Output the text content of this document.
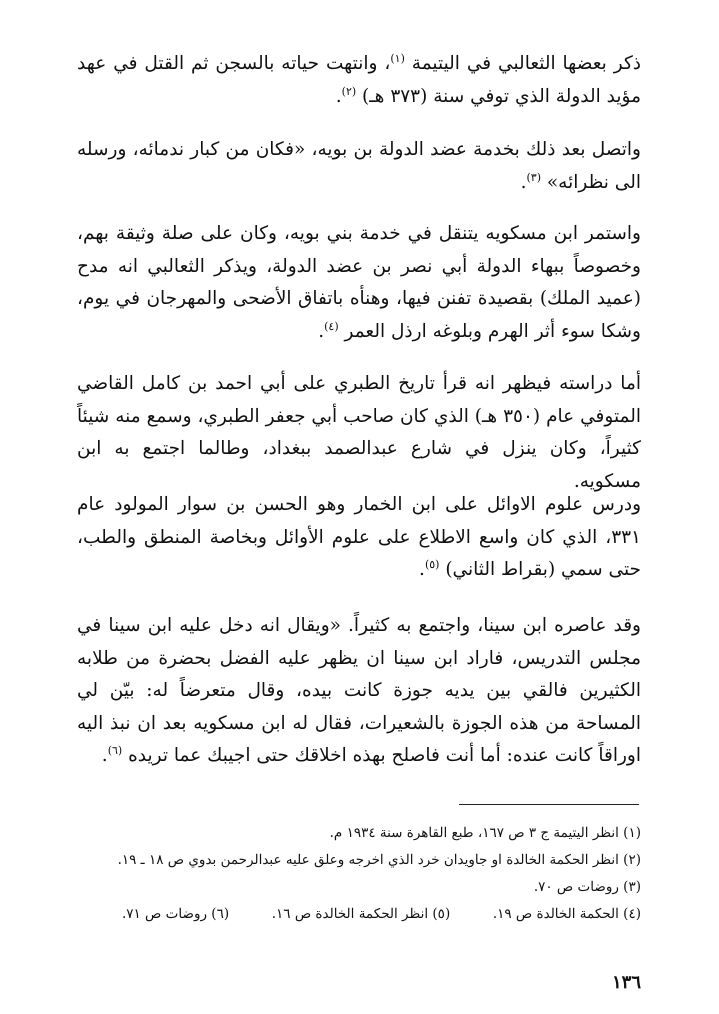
ذكر بعضها الثعالبي في اليتيمة $^{(١)}$، وانتهت حياته بالسجن ثم القتل في عهد مؤيد الدولة الذي توفي سنة (٣٧٣ هـ) $^{(٢)}$.

واتصل بعد ذلك بخدمة عضد الدولة بن بويه، «فكان من كبار ندمائه، ورسله الى نظرائه» $^{(٣)}$.

واستمر ابن مسكويه يتنقل في خدمة بني بويه، وكان على صلة وثيقة بهم، وخصوصاً ببهاء الدولة أبي نصر بن عضد الدولة، ويذكر الثعالبي انه مدح (عميد الملك) بقصيدة تفنن فيها، وهنأه باتفاق الأضحى والمهرجان في يوم، وشكا سوء أثر الهرم وبلوغه ارذل العمر $^{(٤)}$.

أما دراسته فيظهر انه قرأ تاريخ الطبري على أبي احمد بن كامل القاضي المتوفي عام (٣٥٠ هـ) الذي كان صاحب أبي جعفر الطبري، وسمع منه شيئاً كثيراً، وكان ينزل في شارع عبدالصمد ببغداد، وطالما اجتمع به ابن مسكويه.

ودرس علوم الاوائل على ابن الخمار وهو الحسن بن سوار المولود عام ٣٣١، الذي كان واسع الاطلاع على علوم الأوائل وبخاصة المنطق والطب، حتى سمي (بقراط الثاني) $^{(٥)}$.

وقد عاصره ابن سينا، واجتمع به كثيراً. «ويقال انه دخل عليه ابن سينا في مجلس التدريس، فاراد ابن سينا ان يظهر عليه الفضل بحضرة من طلابه الكثيرين فالقي بين يديه جوزة كانت بيده، وقال متعرضاً له: بيّن لي المساحة من هذه الجوزة بالشعيرات، فقال له ابن مسكويه بعد ان نبذ اليه اوراقاً كانت عنده: أما أنت فاصلح بهذه اخلاقك حتى اجيبك عما تريده $^{(٦)}$.

(١) انظر اليتيمة ج ٣ ص ١٦٧، طبع القاهرة سنة ١٩٣٤ م.
(٢) انظر الحكمة الخالدة او جاويدان خرد الذي اخرجه وعلق عليه عبدالرحمن بدوي ص ١٨ ـ ١٩.
(٣) روضات ص ٧٠.
(٤) الحكمة الخالدة ص ١٩.  (٥) انظر الحكمة الخالدة ص ١٦.  (٦) روضات ص ٧١.
١٣٦
